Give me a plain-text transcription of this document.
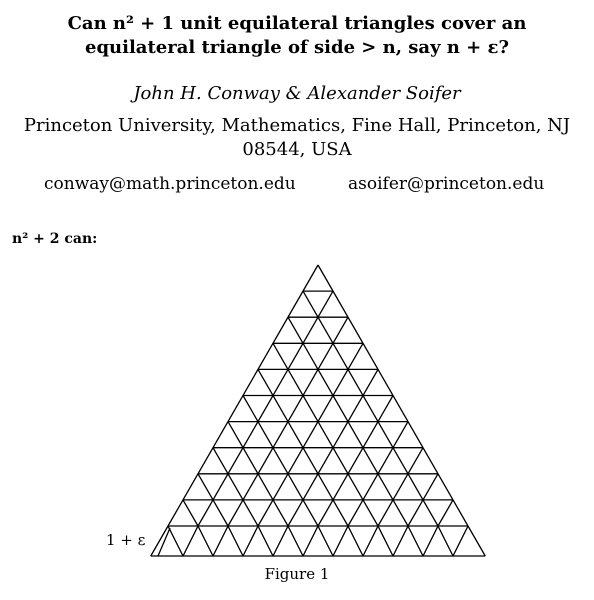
Can n² + 1 unit equilateral triangles cover an
equilateral triangle of side > n, say n + ε?
John H. Conway & Alexander Soifer
Princeton University, Mathematics, Fine Hall, Princeton, NJ
08544, USA
conway@math.princeton.edu	asoifer@princeton.edu
n² + 2 can:
1 + ε
Figure 1
